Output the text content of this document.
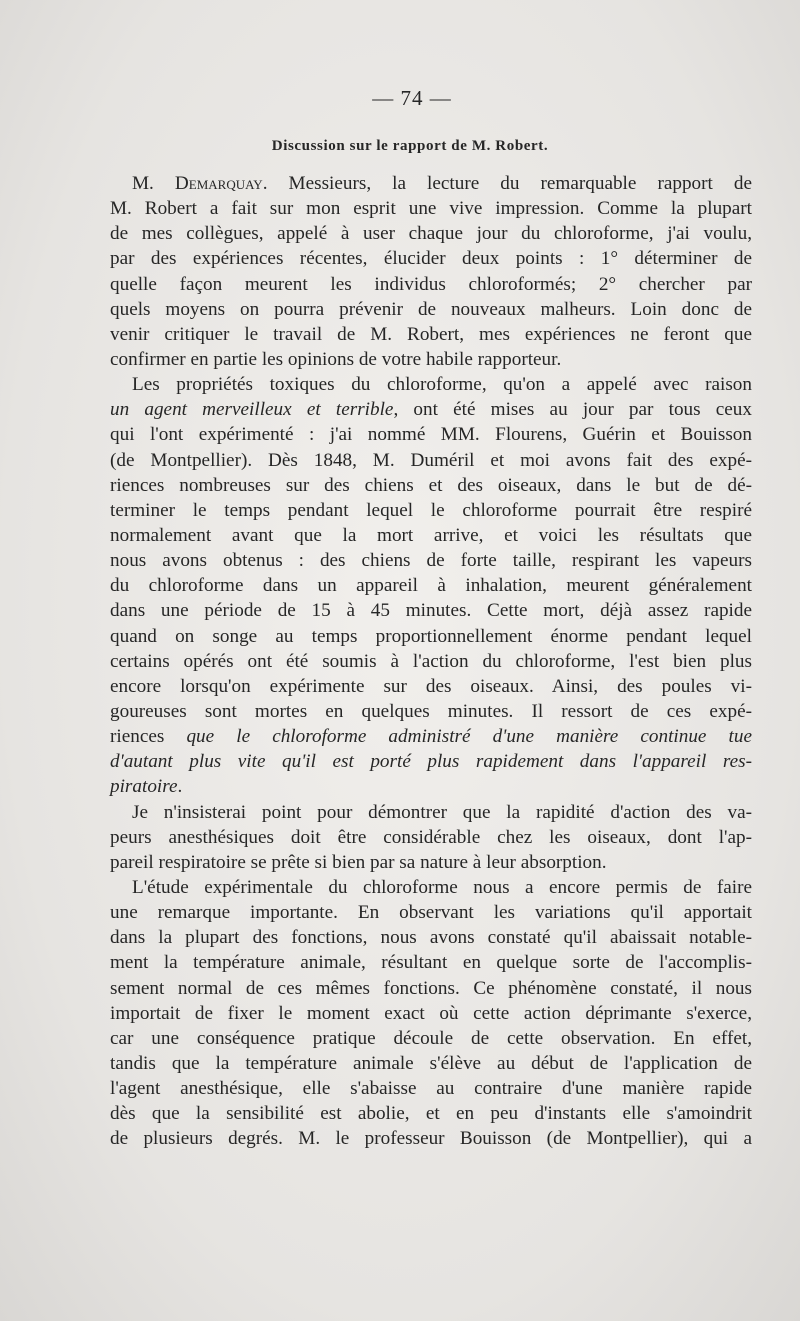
— 74 —
Discussion sur le rapport de M. Robert.
M. Demarquay. Messieurs, la lecture du remarquable rapport de
M. Robert a fait sur mon esprit une vive impression. Comme la plupart
de mes collègues, appelé à user chaque jour du chloroforme, j'ai voulu,
par des expériences récentes, élucider deux points : 1° déterminer de
quelle façon meurent les individus chloroformés; 2° chercher par
quels moyens on pourra prévenir de nouveaux malheurs. Loin donc de
venir critiquer le travail de M. Robert, mes expériences ne feront que
confirmer en partie les opinions de votre habile rapporteur.
Les propriétés toxiques du chloroforme, qu'on a appelé avec raison
un agent merveilleux et terrible, ont été mises au jour par tous ceux
qui l'ont expérimenté : j'ai nommé MM. Flourens, Guérin et Bouisson
(de Montpellier). Dès 1848, M. Duméril et moi avons fait des expé-
riences nombreuses sur des chiens et des oiseaux, dans le but de dé-
terminer le temps pendant lequel le chloroforme pourrait être respiré
normalement avant que la mort arrive, et voici les résultats que
nous avons obtenus : des chiens de forte taille, respirant les vapeurs
du chloroforme dans un appareil à inhalation, meurent généralement
dans une période de 15 à 45 minutes. Cette mort, déjà assez rapide
quand on songe au temps proportionnellement énorme pendant lequel
certains opérés ont été soumis à l'action du chloroforme, l'est bien plus
encore lorsqu'on expérimente sur des oiseaux. Ainsi, des poules vi-
goureuses sont mortes en quelques minutes. Il ressort de ces expé-
riences que le chloroforme administré d'une manière continue tue
d'autant plus vite qu'il est porté plus rapidement dans l'appareil res-
piratoire.
Je n'insisterai point pour démontrer que la rapidité d'action des va-
peurs anesthésiques doit être considérable chez les oiseaux, dont l'ap-
pareil respiratoire se prête si bien par sa nature à leur absorption.
L'étude expérimentale du chloroforme nous a encore permis de faire
une remarque importante. En observant les variations qu'il apportait
dans la plupart des fonctions, nous avons constaté qu'il abaissait notable-
ment la température animale, résultant en quelque sorte de l'accomplis-
sement normal de ces mêmes fonctions. Ce phénomène constaté, il nous
importait de fixer le moment exact où cette action déprimante s'exerce,
car une conséquence pratique découle de cette observation. En effet,
tandis que la température animale s'élève au début de l'application de
l'agent anesthésique, elle s'abaisse au contraire d'une manière rapide
dès que la sensibilité est abolie, et en peu d'instants elle s'amoindrit
de plusieurs degrés. M. le professeur Bouisson (de Montpellier), qui a
